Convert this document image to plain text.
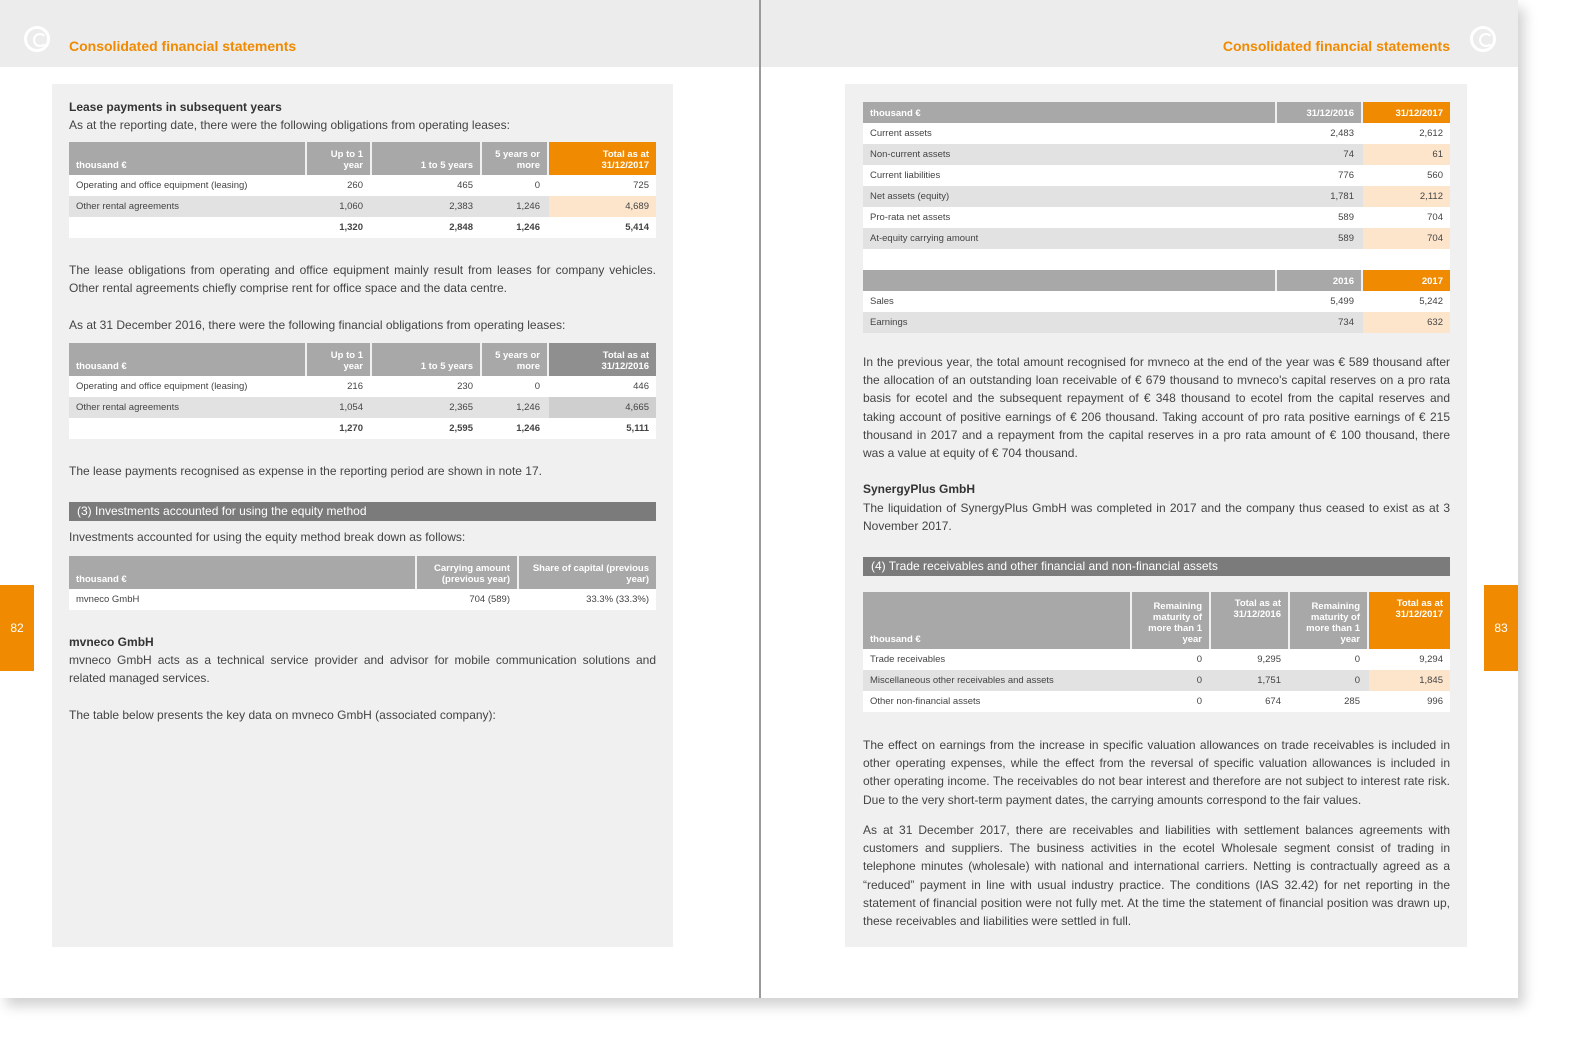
Consolidated financial statements
Lease payments in subsequent years
As at the reporting date, there were the following obligations from operating leases:
thousand €	Up to 1 year	1 to 5 years	5 years or more	Total as at 31/12/2017
Operating and office equipment (leasing)	260	465	0	725
Other rental agreements	1,060	2,383	1,246	4,689
	1,320	2,848	1,246	5,414
The lease obligations from operating and office equipment mainly result from leases for company vehicles. Other rental agreements chiefly comprise rent for office space and the data centre.
As at 31 December 2016, there were the following financial obligations from operating leases:
thousand €	Up to 1 year	1 to 5 years	5 years or more	Total as at 31/12/2016
Operating and office equipment (leasing)	216	230	0	446
Other rental agreements	1,054	2,365	1,246	4,665
	1,270	2,595	1,246	5,111
The lease payments recognised as expense in the reporting period are shown in note 17.
(3) Investments accounted for using the equity method
Investments accounted for using the equity method break down as follows:
thousand €	Carrying amount (previous year)	Share of capital (previous year)
mvneco GmbH	704 (589)	33.3% (33.3%)
mvneco GmbH
mvneco GmbH acts as a technical service provider and advisor for mobile communication solutions and related managed services.
The table below presents the key data on mvneco GmbH (associated company):
82
Consolidated financial statements
thousand €	31/12/2016	31/12/2017
Current assets	2,483	2,612
Non-current assets	74	61
Current liabilities	776	560
Net assets (equity)	1,781	2,112
Pro-rata net assets	589	704
At-equity carrying amount	589	704

	2016	2017
Sales	5,499	5,242
Earnings	734	632
In the previous year, the total amount recognised for mvneco at the end of the year was € 589 thousand after the allocation of an outstanding loan receivable of € 679 thousand to mvneco's capital reserves on a pro rata basis for ecotel and the subsequent repayment of € 348 thousand to ecotel from the capital reserves and taking account of positive earnings of € 206 thousand. Taking account of pro rata positive earnings of € 215 thousand in 2017 and a repayment from the capital reserves in a pro rata amount of € 100 thousand, there was a value at equity of € 704 thousand.
SynergyPlus GmbH
The liquidation of SynergyPlus GmbH was completed in 2017 and the company thus ceased to exist as at 3 November 2017.
(4) Trade receivables and other financial and non-financial assets
thousand €	Remaining maturity of more than 1 year	Total as at 31/12/2016	Remaining maturity of more than 1 year	Total as at 31/12/2017
Trade receivables	0	9,295	0	9,294
Miscellaneous other receivables and assets	0	1,751	0	1,845
Other non-financial assets	0	674	285	996
The effect on earnings from the increase in specific valuation allowances on trade receivables is included in other operating expenses, while the effect from the reversal of specific valuation allowances is included in other operating income. The receivables do not bear interest and therefore are not subject to interest rate risk. Due to the very short-term payment dates, the carrying amounts correspond to the fair values.
As at 31 December 2017, there are receivables and liabilities with settlement balances agreements with customers and suppliers. The business activities in the ecotel Wholesale segment consist of trading in telephone minutes (wholesale) with national and international carriers. Netting is contractually agreed as a “reduced” payment in line with usual industry practice. The conditions (IAS 32.42) for net reporting in the statement of financial position were not fully met. At the time the statement of financial position was drawn up, these receivables and liabilities were settled in full.
83
